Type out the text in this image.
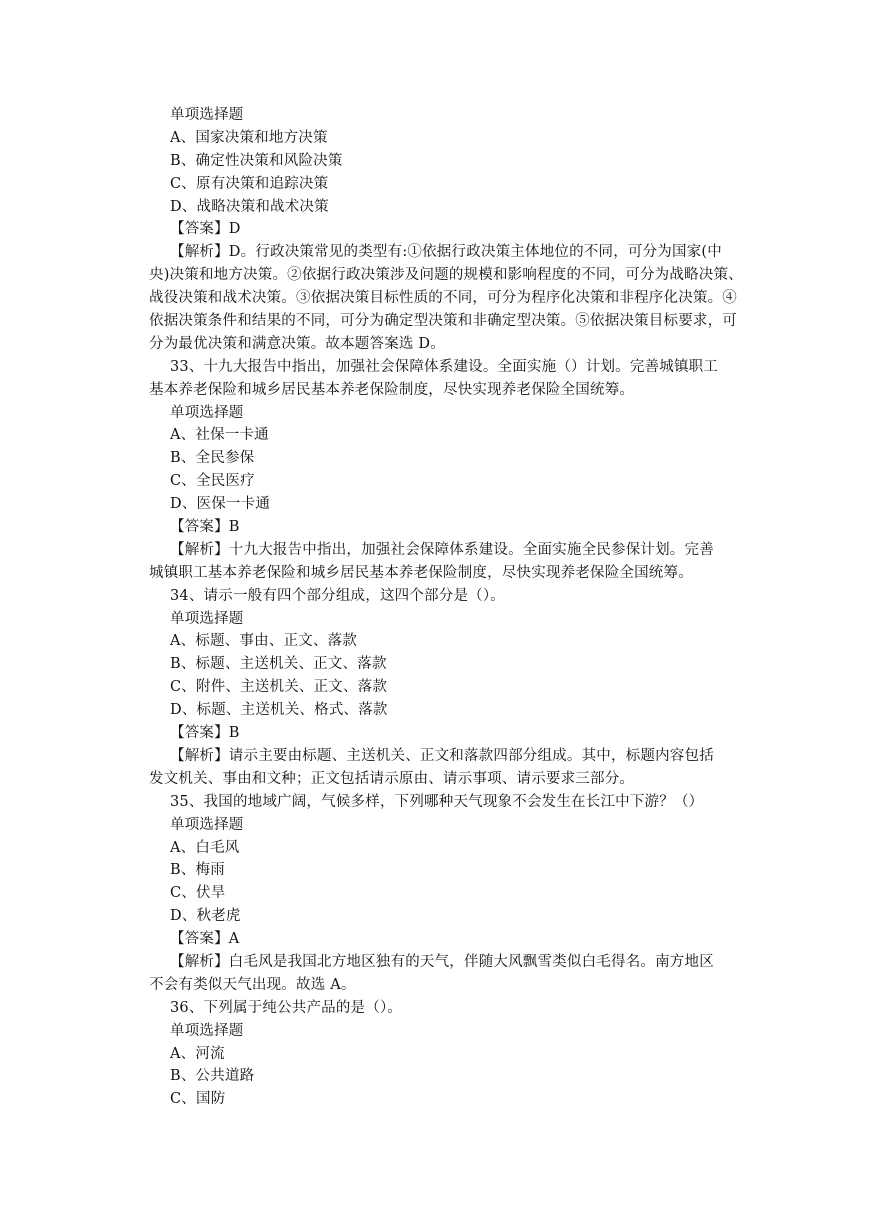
单项选择题
A、国家决策和地方决策
B、确定性决策和风险决策
C、原有决策和追踪决策
D、战略决策和战术决策
【答案】D
【解析】D。行政决策常见的类型有:①依据行政决策主体地位的不同，可分为国家(中
央)决策和地方决策。②依据行政决策涉及问题的规模和影响程度的不同，可分为战略决策、
战役决策和战术决策。③依据决策目标性质的不同，可分为程序化决策和非程序化决策。④
依据决策条件和结果的不同，可分为确定型决策和非确定型决策。⑤依据决策目标要求，可
分为最优决策和满意决策。故本题答案选 D。
33、十九大报告中指出，加强社会保障体系建设。全面实施（）计划。完善城镇职工
基本养老保险和城乡居民基本养老保险制度，尽快实现养老保险全国统筹。
单项选择题
A、社保一卡通
B、全民参保
C、全民医疗
D、医保一卡通
【答案】B
【解析】十九大报告中指出，加强社会保障体系建设。全面实施全民参保计划。完善
城镇职工基本养老保险和城乡居民基本养老保险制度，尽快实现养老保险全国统筹。
34、请示一般有四个部分组成，这四个部分是（）。
单项选择题
A、标题、事由、正文、落款
B、标题、主送机关、正文、落款
C、附件、主送机关、正文、落款
D、标题、主送机关、格式、落款
【答案】B
【解析】请示主要由标题、主送机关、正文和落款四部分组成。其中，标题内容包括
发文机关、事由和文种；正文包括请示原由、请示事项、请示要求三部分。
35、我国的地域广阔，气候多样，下列哪种天气现象不会发生在长江中下游？（）
单项选择题
A、白毛风
B、梅雨
C、伏旱
D、秋老虎
【答案】A
【解析】白毛风是我国北方地区独有的天气，伴随大风飘雪类似白毛得名。南方地区
不会有类似天气出现。故选 A。
36、下列属于纯公共产品的是（）。
单项选择题
A、河流
B、公共道路
C、国防
